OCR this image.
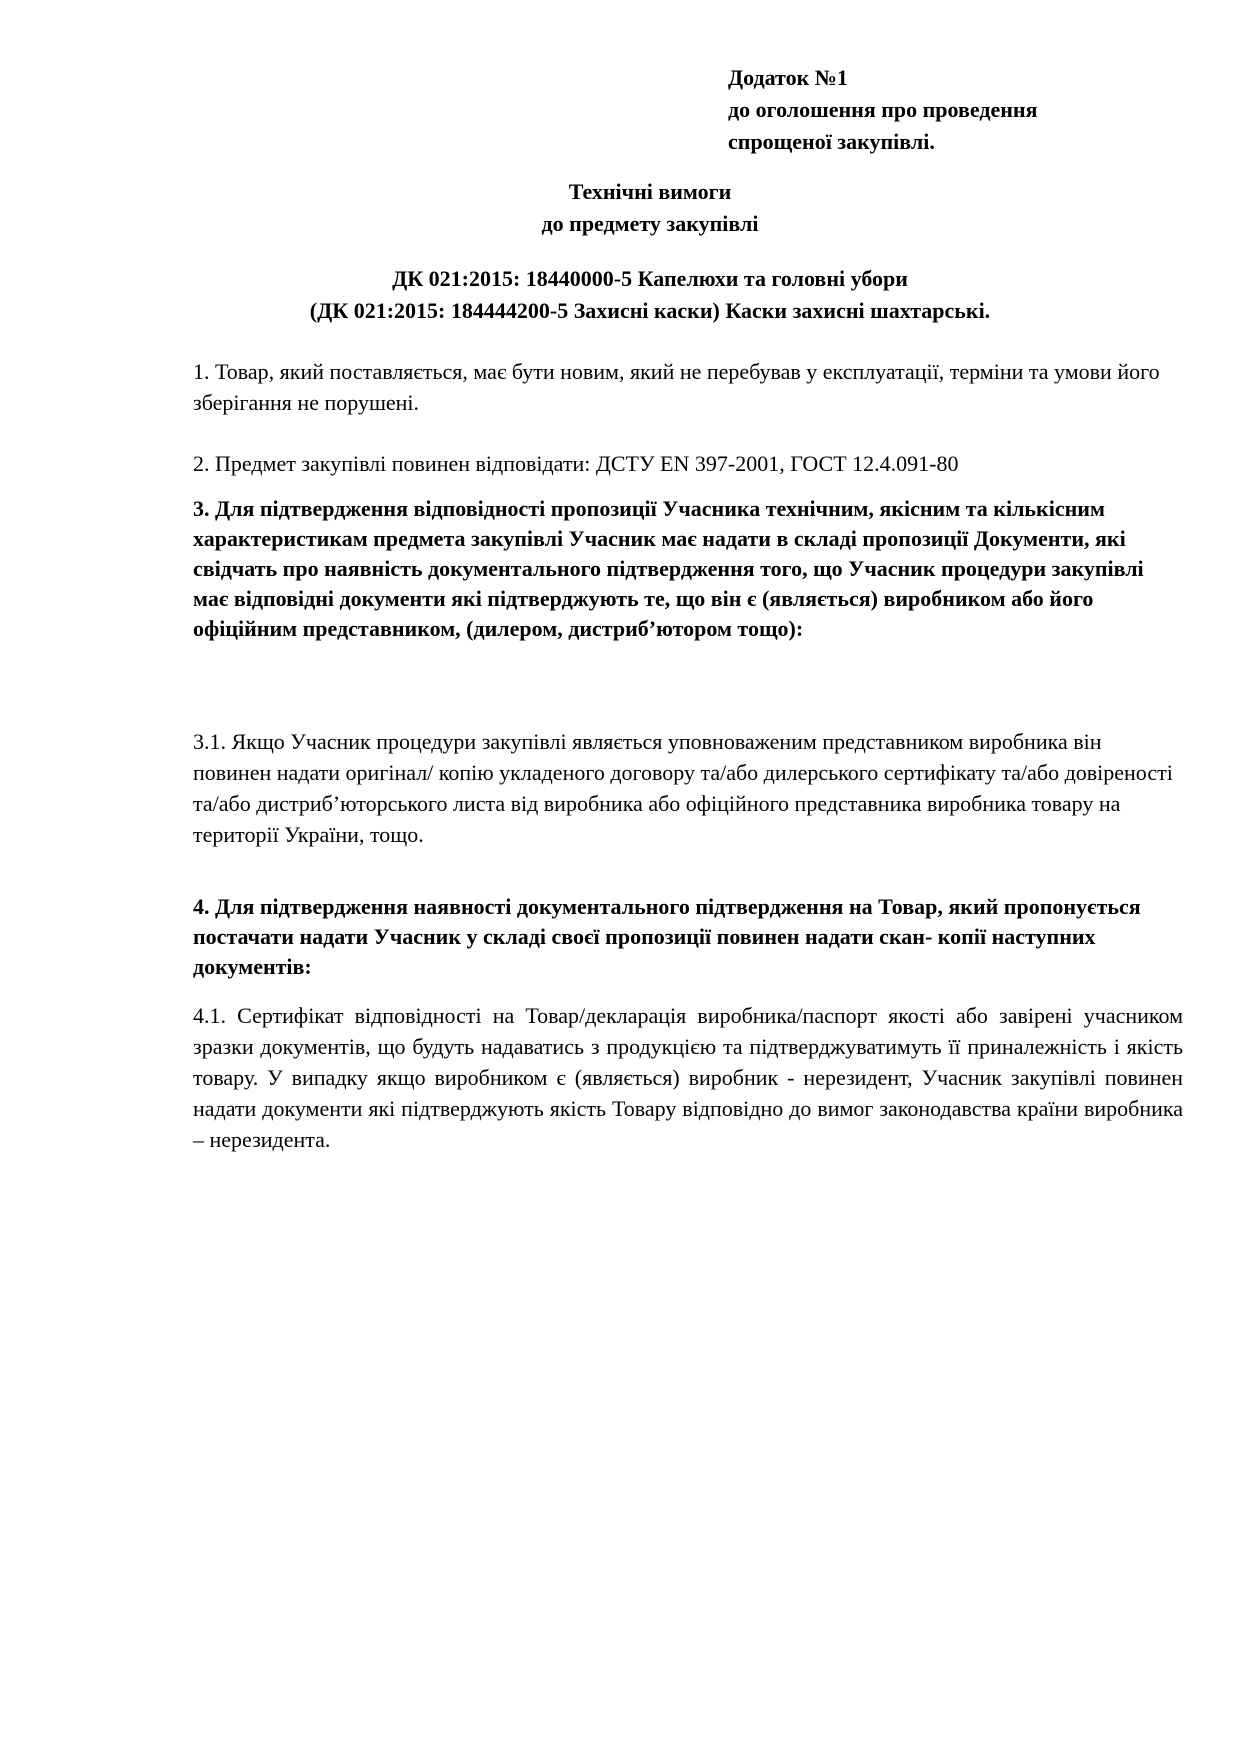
Додаток №1
до оголошення про проведення
спрощеної закупівлі.
Технічні вимоги
до предмету закупівлі
ДК 021:2015: 18440000-5 Капелюхи та головні убори
(ДК 021:2015: 184444200-5 Захисні каски) Каски захисні шахтарські.

1. Товар, який поставляється, має бути новим, який не перебував у експлуатації, терміни та умови його зберігання не порушені.

2. Предмет закупівлі повинен відповідати: ДСТУ EN 397-2001, ГОСТ 12.4.091-80

3. Для підтвердження відповідності пропозиції Учасника технічним, якісним та кількісним характеристикам предмета закупівлі Учасник має надати в складі пропозиції Документи, які свідчать про наявність документального підтвердження того, що Учасник процедури закупівлі має відповідні документи які підтверджують те, що він є (являється) виробником або його офіційним представником, (дилером, дистриб’ютором тощо):

3.1. Якщо Учасник процедури закупівлі являється уповноваженим представником виробника він повинен надати оригінал/ копію укладеного договору та/або дилерського сертифікату та/або довіреності та/або дистриб’юторського листа від виробника або офіційного представника виробника товару на території України, тощо.

4. Для підтвердження наявності документального підтвердження на Товар, який пропонується постачати надати Учасник у складі своєї пропозиції повинен надати скан- копії наступних документів:

4.1. Сертифікат відповідності на Товар/декларація виробника/паспорт якості або завірені учасником зразки документів, що будуть надаватись з продукцією та підтверджуватимуть її приналежність і якість товару. У випадку якщо виробником є (являється) виробник - нерезидент, Учасник закупівлі повинен надати документи які підтверджують якість Товару відповідно до вимог законодавства країни виробника – нерезидента.
